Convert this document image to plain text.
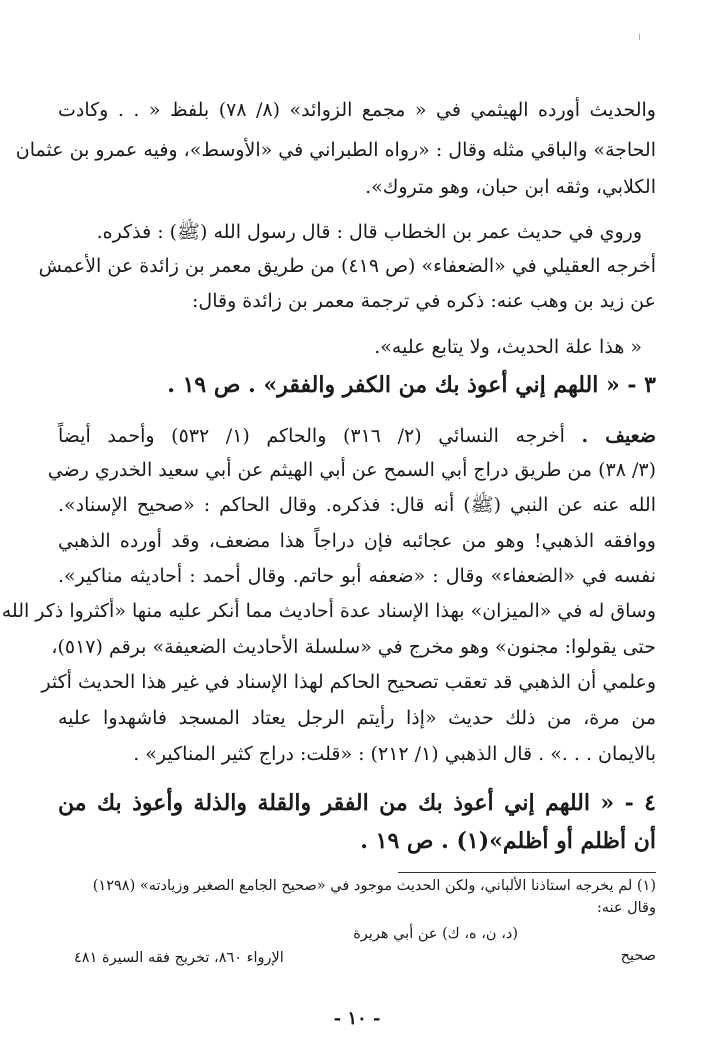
والحديث أورده الهيثمي في « مجمع الزوائد» (٨/ ٧٨) بلفظ « . . وكادت
الحاجة» والباقي مثله وقال : «رواه الطبراني في «الأوسط»، وفيه عمرو بن عثمان
الكلابي، وثقه ابن حبان، وهو متروك».
وروي في حديث عمر بن الخطاب قال : قال رسول الله (ﷺ) : فذكره.
أخرجه العقيلي في «الضعفاء» (ص ٤١٩) من طريق معمر بن زائدة عن الأعمش
عن زيد بن وهب عنه: ذكره في ترجمة معمر بن زائدة وقال:
« هذا علة الحديث، ولا يتابع عليه».
٣ - « اللهم إني أعوذ بك من الكفر والفقر» . ص ١٩ .
ضعيف . أخرجه النسائي (٢/ ٣١٦) والحاكم (١/ ٥٣٢) وأحمد أيضاً
(٣/ ٣٨) من طريق دراج أبي السمح عن أبي الهيثم عن أبي سعيد الخدري رضي
الله عنه عن النبي (ﷺ) أنه قال: فذكره. وقال الحاكم : «صحيح الإسناد».
ووافقه الذهبي! وهو من عجائبه فإن دراجاً هذا مضعف، وقد أورده الذهبي
نفسه في «الضعفاء» وقال : «ضعفه أبو حاتم. وقال أحمد : أحاديثه مناكير».
وساق له في «الميزان» بهذا الإسناد عدة أحاديث مما أنكر عليه منها «أكثروا ذكر الله
حتى يقولوا: مجنون» وهو مخرج في «سلسلة الأحاديث الضعيفة» برقم (٥١٧)،
وعلمي أن الذهبي قد تعقب تصحيح الحاكم لهذا الإسناد في غير هذا الحديث أكثر
من مرة، من ذلك حديث «إذا رأيتم الرجل يعتاد المسجد فاشهدوا عليه
بالايمان . . .» . قال الذهبي (١/ ٢١٢) : «قلت: دراج كثير المناكير» .
٤ - « اللهم إني أعوذ بك من الفقر والقلة والذلة وأعوذ بك من
أن أظلم أو أظلم»(١) . ص ١٩ .
(١) لم يخرجه استاذنا الألباني، ولكن الحديث موجود في «صحيح الجامع الصغير وزيادته» (١٢٩٨)
وقال عنه:
(د، ن، ه، ك) عن أبي هريرة
صحيح
الإرواء ٨٦٠، تخريج فقه السيرة ٤٨١
- ١٠ -
